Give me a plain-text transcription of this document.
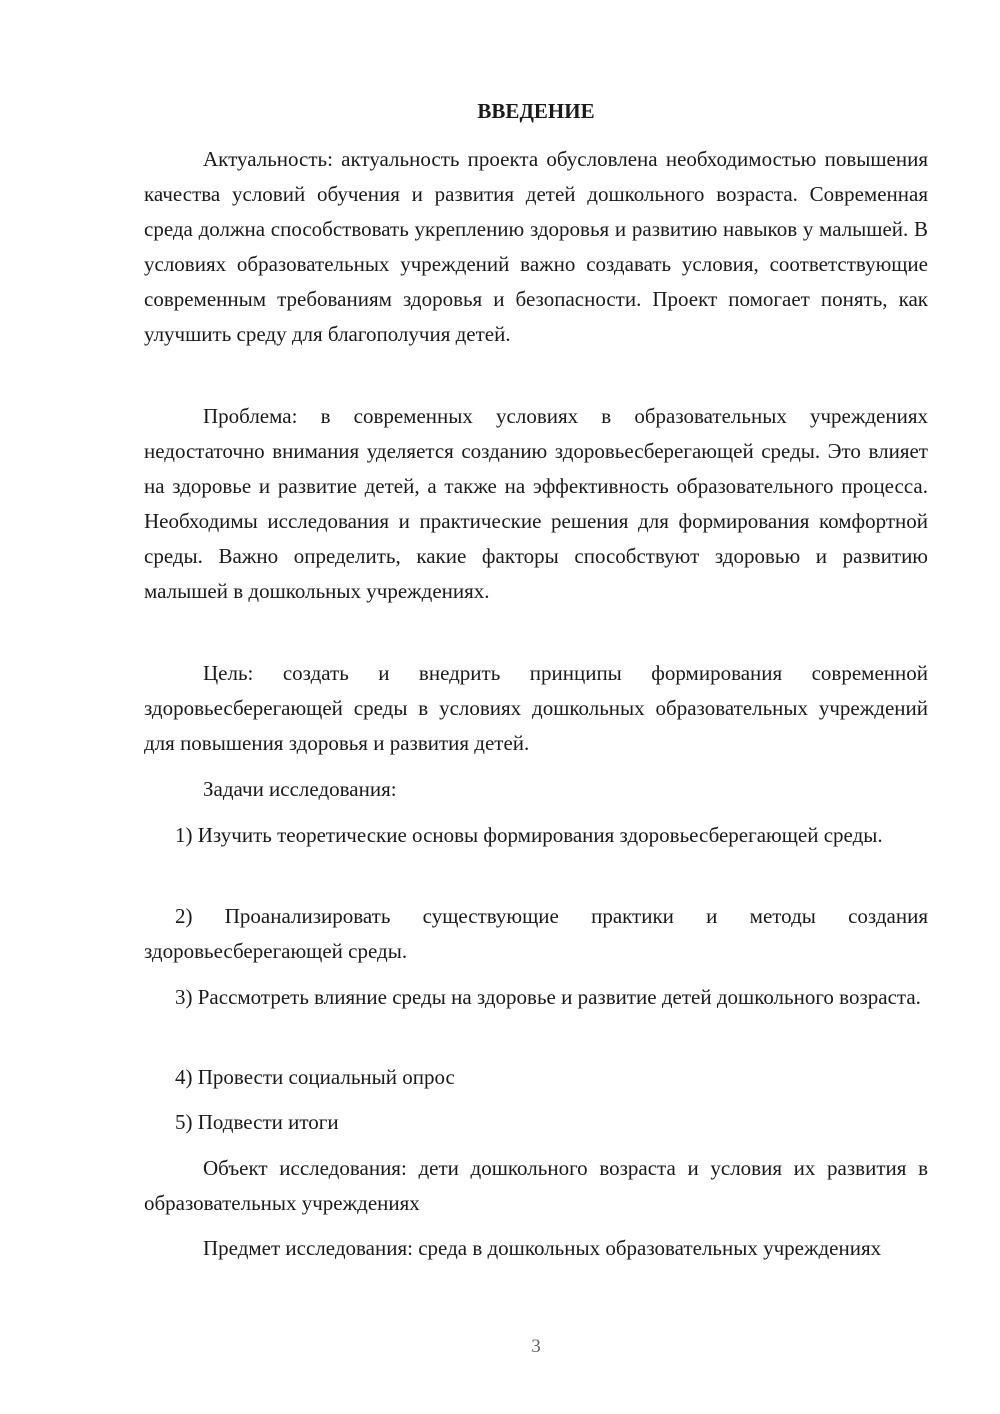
ВВЕДЕНИЕ

Актуальность: актуальность проекта обусловлена необходимостью повышения качества условий обучения и развития детей дошкольного возраста. Современная среда должна способствовать укреплению здоровья и развитию навыков у малышей. В условиях образовательных учреждений важно создавать условия, соответствующие современным требованиям здоровья и безопасности. Проект помогает понять, как улучшить среду для благополучия детей.

Проблема: в современных условиях в образовательных учреждениях недостаточно внимания уделяется созданию здоровьесберегающей среды. Это влияет на здоровье и развитие детей, а также на эффективность образовательного процесса. Необходимы исследования и практические решения для формирования комфортной среды. Важно определить, какие факторы способствуют здоровью и развитию малышей в дошкольных учреждениях.

Цель: создать и внедрить принципы формирования современной здоровьесберегающей среды в условиях дошкольных образовательных учреждений для повышения здоровья и развития детей.

Задачи исследования:

1) Изучить теоретические основы формирования здоровьесберегающей среды.

2) Проанализировать существующие практики и методы создания здоровьесберегающей среды.

3) Рассмотреть влияние среды на здоровье и развитие детей дошкольного возраста.

4) Провести социальный опрос

5) Подвести итоги

Объект исследования: дети дошкольного возраста и условия их развития в образовательных учреждениях

Предмет исследования: среда в дошкольных образовательных учреждениях

3
